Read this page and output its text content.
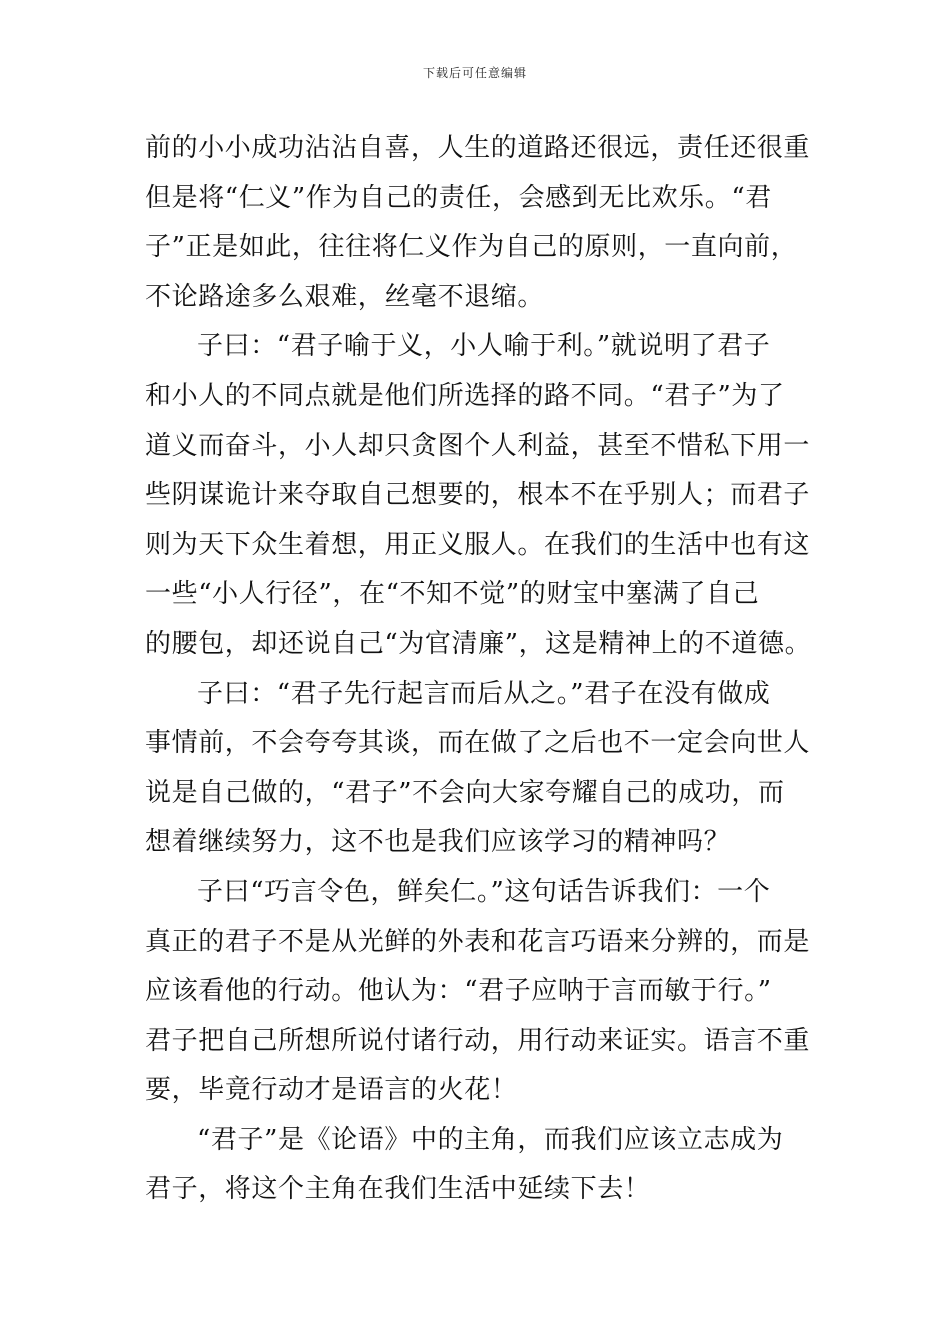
下载后可任意编辑
前的小小成功沾沾自喜，人生的道路还很远，责任还很重
但是将“仁义”作为自己的责任，会感到无比欢乐。“君
子”正是如此，往往将仁义作为自己的原则，一直向前，
不论路途多么艰难，丝毫不退缩。
子曰：“君子喻于义，小人喻于利。”就说明了君子
和小人的不同点就是他们所选择的路不同。“君子”为了
道义而奋斗，小人却只贪图个人利益，甚至不惜私下用一
些阴谋诡计来夺取自己想要的，根本不在乎别人；而君子
则为天下众生着想，用正义服人。在我们的生活中也有这
一些“小人行径”，在“不知不觉”的财宝中塞满了自己
的腰包，却还说自己“为官清廉”，这是精神上的不道德。
子曰：“君子先行起言而后从之。”君子在没有做成
事情前，不会夸夸其谈，而在做了之后也不一定会向世人
说是自己做的，“君子”不会向大家夸耀自己的成功，而
想着继续努力，这不也是我们应该学习的精神吗？
子曰“巧言令色，鲜矣仁。”这句话告诉我们：一个
真正的君子不是从光鲜的外表和花言巧语来分辨的，而是
应该看他的行动。他认为：“君子应呐于言而敏于行。”
君子把自己所想所说付诸行动，用行动来证实。语言不重
要，毕竟行动才是语言的火花！
“君子”是《论语》中的主角，而我们应该立志成为
君子，将这个主角在我们生活中延续下去！
